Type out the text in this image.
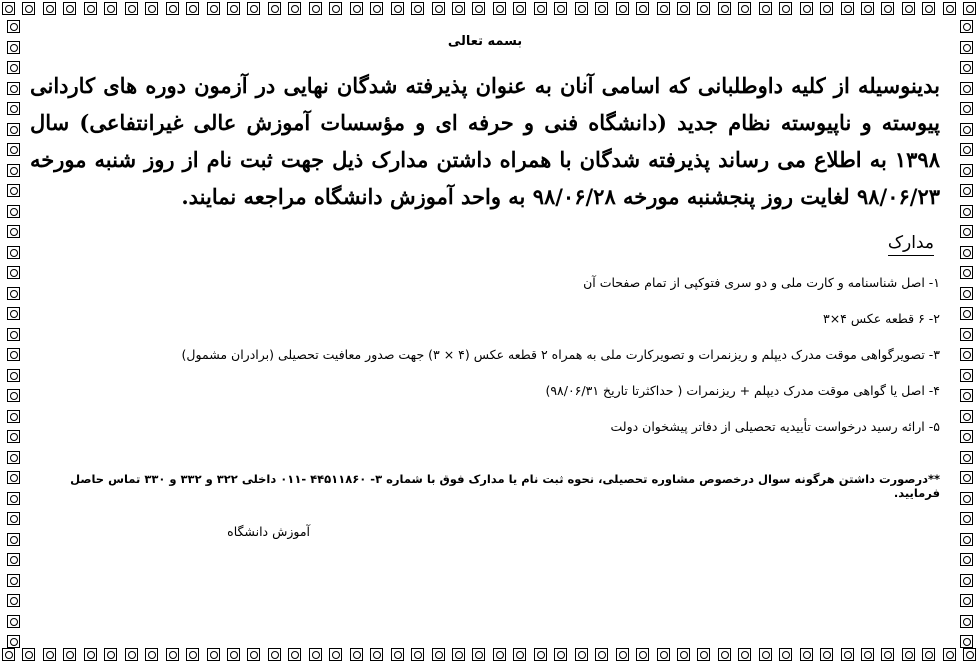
بسمه تعالی

بدینوسیله از کلیه داوطلبانی که اسامی آنان به عنوان پذیرفته شدگان نهایی در آزمون دوره های کاردانی پیوسته و ناپیوسته نظام جدید (دانشگاه فنی و حرفه ای و مؤسسات آموزش عالی غیرانتفاعی) سال ۱۳۹۸ به اطلاع می رساند پذیرفته شدگان با همراه داشتن مدارک ذیل جهت ثبت نام از روز شنبه مورخه ۹۸/۰۶/۲۳ لغایت روز پنجشنبه مورخه ۹۸/۰۶/۲۸ به واحد آموزش دانشگاه مراجعه نمایند.

مدارک
۱- اصل شناسنامه و کارت ملی و دو سری فتوکپی از تمام صفحات آن
۲- ۶ قطعه عکس ۴×۳
۳- تصویرگواهی موقت مدرک دیپلم و ریزنمرات و تصویرکارت ملی به همراه ۲ قطعه عکس (۴ × ۳) جهت صدور معافیت تحصیلی (برادران مشمول)
۴- اصل یا گواهی موقت مدرک دیپلم + ریزنمرات ( حداکثرتا تاریخ ۹۸/۰۶/۳۱)
۵- ارائه رسید درخواست تأییدیه تحصیلی از دفاتر پیشخوان دولت
**درصورت داشتن هرگونه سوال درخصوص مشاوره تحصیلی، نحوه ثبت نام یا مدارک فوق با شماره ۳- ۴۴۵۱۱۸۶۰ -۰۱۱ داخلی ۳۲۲ و ۳۳۲ و ۳۳۰ تماس حاصل فرمایید.
آموزش دانشگاه
